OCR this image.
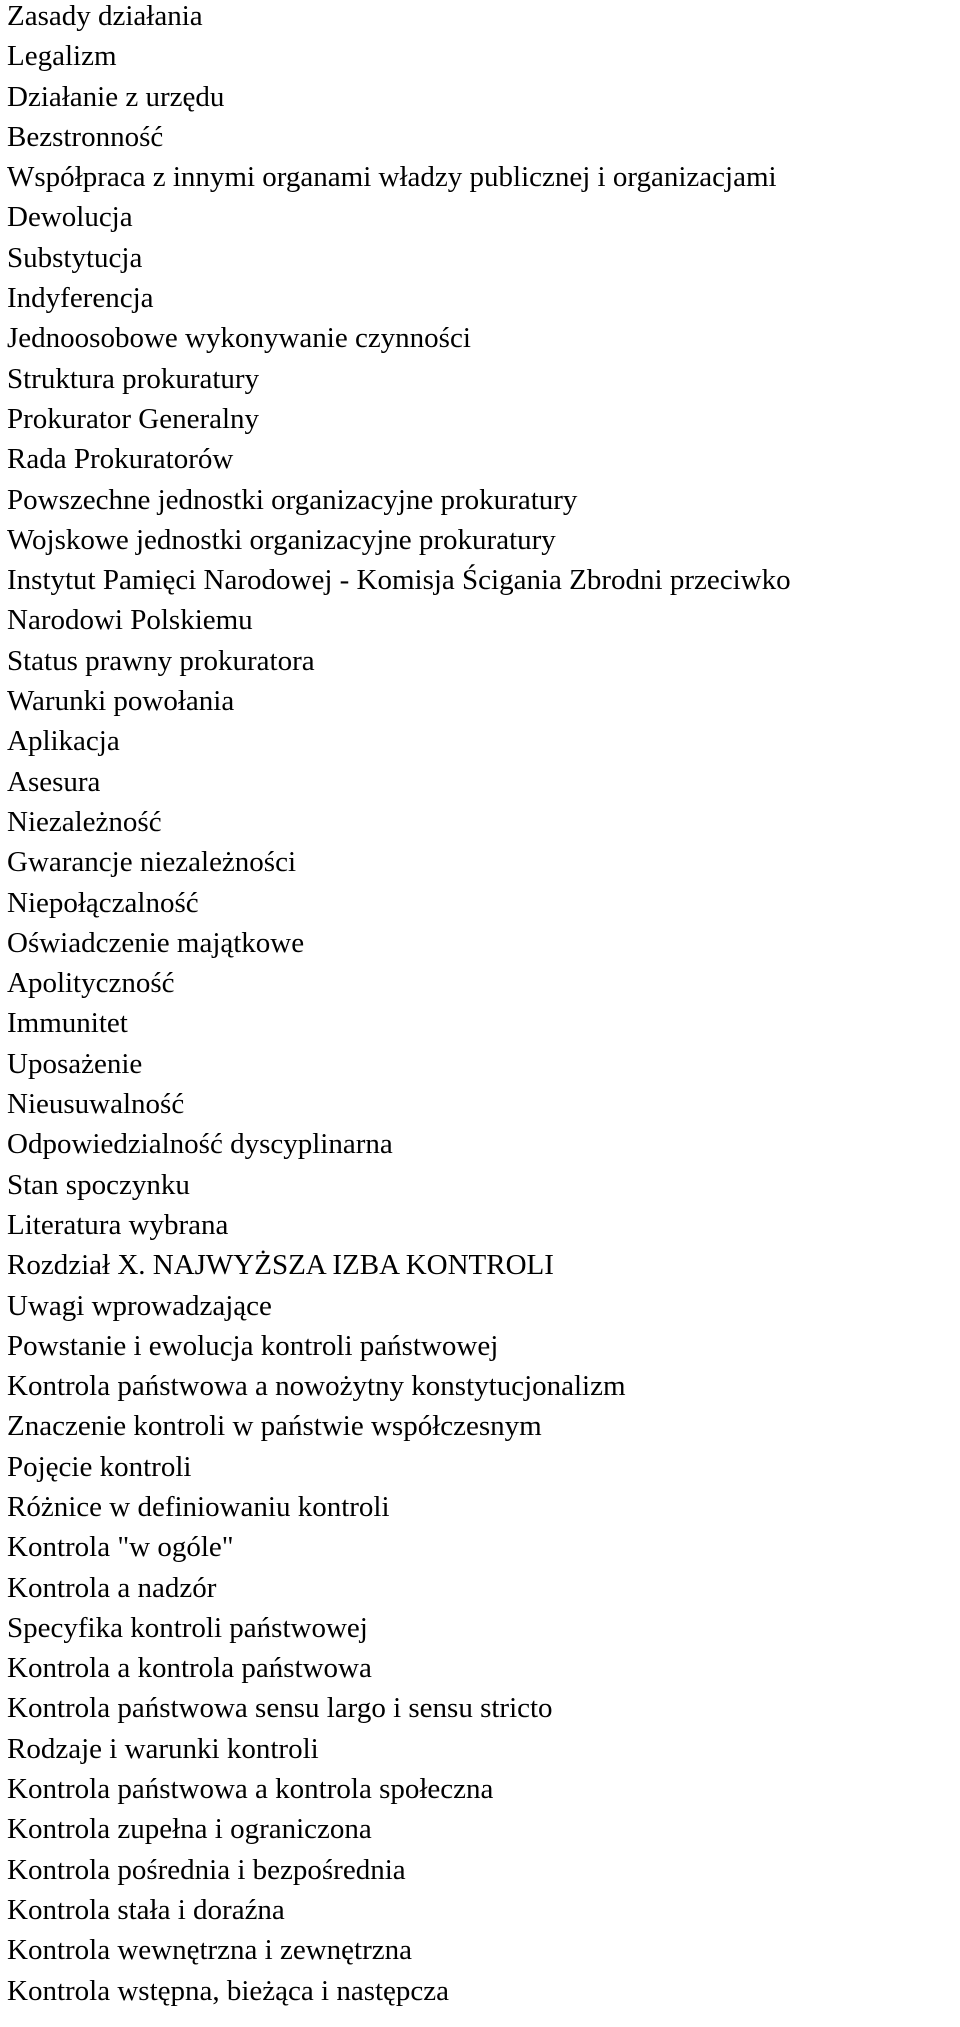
Zasady działania
Legalizm
Działanie z urzędu
Bezstronność
Współpraca z innymi organami władzy publicznej i organizacjami
Dewolucja
Substytucja
Indyferencja
Jednoosobowe wykonywanie czynności
Struktura prokuratury
Prokurator Generalny
Rada Prokuratorów
Powszechne jednostki organizacyjne prokuratury
Wojskowe jednostki organizacyjne prokuratury
Instytut Pamięci Narodowej - Komisja Ścigania Zbrodni przeciwko
Narodowi Polskiemu
Status prawny prokuratora
Warunki powołania
Aplikacja
Asesura
Niezależność
Gwarancje niezależności
Niepołączalność
Oświadczenie majątkowe
Apolityczność
Immunitet
Uposażenie
Nieusuwalność
Odpowiedzialność dyscyplinarna
Stan spoczynku
Literatura wybrana
Rozdział X. NAJWYŻSZA IZBA KONTROLI
Uwagi wprowadzające
Powstanie i ewolucja kontroli państwowej
Kontrola państwowa a nowożytny konstytucjonalizm
Znaczenie kontroli w państwie współczesnym
Pojęcie kontroli
Różnice w definiowaniu kontroli
Kontrola "w ogóle"
Kontrola a nadzór
Specyfika kontroli państwowej
Kontrola a kontrola państwowa
Kontrola państwowa sensu largo i sensu stricto
Rodzaje i warunki kontroli
Kontrola państwowa a kontrola społeczna
Kontrola zupełna i ograniczona
Kontrola pośrednia i bezpośrednia
Kontrola stała i doraźna
Kontrola wewnętrzna i zewnętrzna
Kontrola wstępna, bieżąca i następcza
